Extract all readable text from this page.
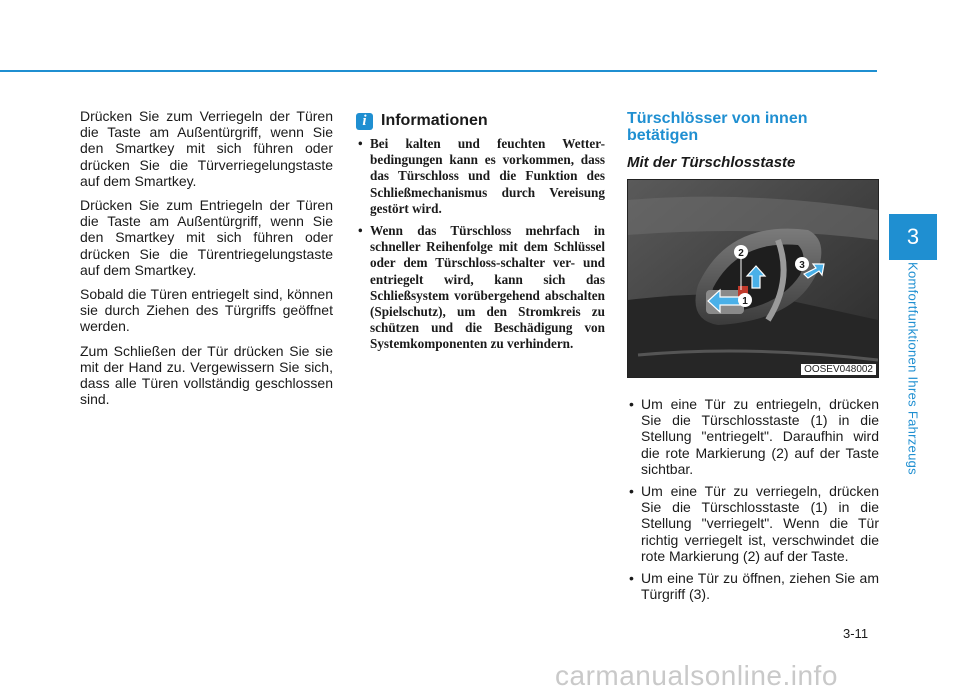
3
Komfortfunktionen Ihres Fahrzeugs

Drücken Sie zum Verriegeln der Türen die Taste am Außentürgriff, wenn Sie den Smartkey mit sich führen oder drücken Sie die Türverriegelungstaste auf dem Smartkey.

Drücken Sie zum Entriegeln der Türen die Taste am Außentürgriff, wenn Sie den Smartkey mit sich führen oder drücken Sie die Türentriegelungstaste auf dem Smartkey.

Sobald die Türen entriegelt sind, können sie durch Ziehen des Türgriffs geöffnet werden.

Zum Schließen der Tür drücken Sie sie mit der Hand zu. Vergewissern Sie sich, dass alle Türen vollständig geschlossen sind.

i Informationen
• Bei kalten und feuchten Wetter-bedingungen kann es vorkommen, dass das Türschloss und die Funktion des Schließmechanismus durch Vereisung gestört wird.
• Wenn das Türschloss mehrfach in schneller Reihenfolge mit dem Schlüssel oder dem Türschloss-schalter ver- und entriegelt wird, kann sich das Schließsystem vorübergehend abschalten (Spielschutz), um den Stromkreis zu schützen und die Beschädigung von Systemkomponenten zu verhindern.
Türschlösser von innen betätigen
Mit der Türschlosstaste
2
1
3
OOSEV048002
• Um eine Tür zu entriegeln, drücken Sie die Türschlosstaste (1) in die Stellung "entriegelt". Daraufhin wird die rote Markierung (2) auf der Taste sichtbar.
• Um eine Tür zu verriegeln, drücken Sie die Türschlosstaste (1) in die Stellung "verriegelt". Wenn die Tür richtig verriegelt ist, verschwindet die rote Markierung (2) auf der Taste.
• Um eine Tür zu öffnen, ziehen Sie am Türgriff (3).
3-11
carmanualsonline.info
